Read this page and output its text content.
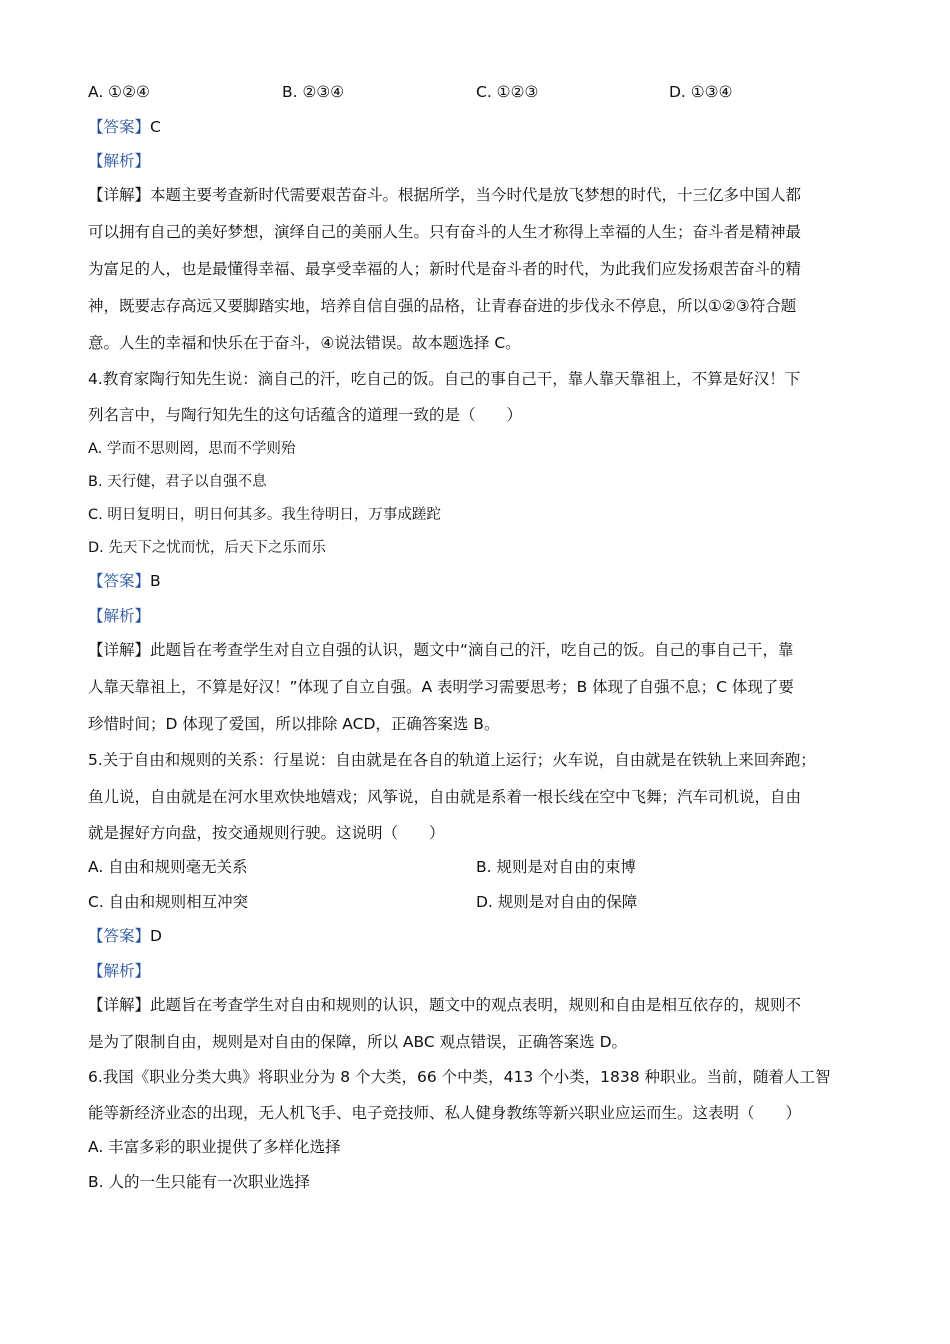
A. ①②④	B. ②③④	C. ①②③	D. ①③④
【答案】C
【解析】
【详解】本题主要考查新时代需要艰苦奋斗。根据所学，当今时代是放飞梦想的时代，十三亿多中国人都
可以拥有自己的美好梦想，演绎自己的美丽人生。只有奋斗的人生才称得上幸福的人生；奋斗者是精神最
为富足的人，也是最懂得幸福、最享受幸福的人；新时代是奋斗者的时代，为此我们应发扬艰苦奋斗的精
神，既要志存高远又要脚踏实地，培养自信自强的品格，让青春奋进的步伐永不停息，所以①②③符合题
意。人生的幸福和快乐在于奋斗，④说法错误。故本题选择 C。
4.教育家陶行知先生说：滴自己的汗，吃自己的饭。自己的事自己干，靠人靠天靠祖上，不算是好汉！下
列名言中，与陶行知先生的这句话蕴含的道理一致的是（　　）
A. 学而不思则罔，思而不学则殆
B. 天行健，君子以自强不息
C. 明日复明日，明日何其多。我生待明日，万事成蹉跎
D. 先天下之忧而忧，后天下之乐而乐
【答案】B
【解析】
【详解】此题旨在考查学生对自立自强的认识，题文中“滴自己的汗，吃自己的饭。自己的事自己干，靠
人靠天靠祖上，不算是好汉！”体现了自立自强。A 表明学习需要思考；B 体现了自强不息；C 体现了要
珍惜时间；D 体现了爱国，所以排除 ACD，正确答案选 B。
5.关于自由和规则的关系：行星说：自由就是在各自的轨道上运行；火车说，自由就是在铁轨上来回奔跑；
鱼儿说，自由就是在河水里欢快地嬉戏；风筝说，自由就是系着一根长线在空中飞舞；汽车司机说，自由
就是握好方向盘，按交通规则行驶。这说明（　　）
A. 自由和规则毫无关系	B. 规则是对自由的束博
C. 自由和规则相互冲突	D. 规则是对自由的保障
【答案】D
【解析】
【详解】此题旨在考查学生对自由和规则的认识，题文中的观点表明，规则和自由是相互依存的，规则不
是为了限制自由，规则是对自由的保障，所以 ABC 观点错误，正确答案选 D。
6.我国《职业分类大典》将职业分为 8 个大类，66 个中类，413 个小类，1838 种职业。当前，随着人工智
能等新经济业态的出现，无人机飞手、电子竞技师、私人健身教练等新兴职业应运而生。这表明（　　）
A. 丰富多彩的职业提供了多样化选择
B. 人的一生只能有一次职业选择
